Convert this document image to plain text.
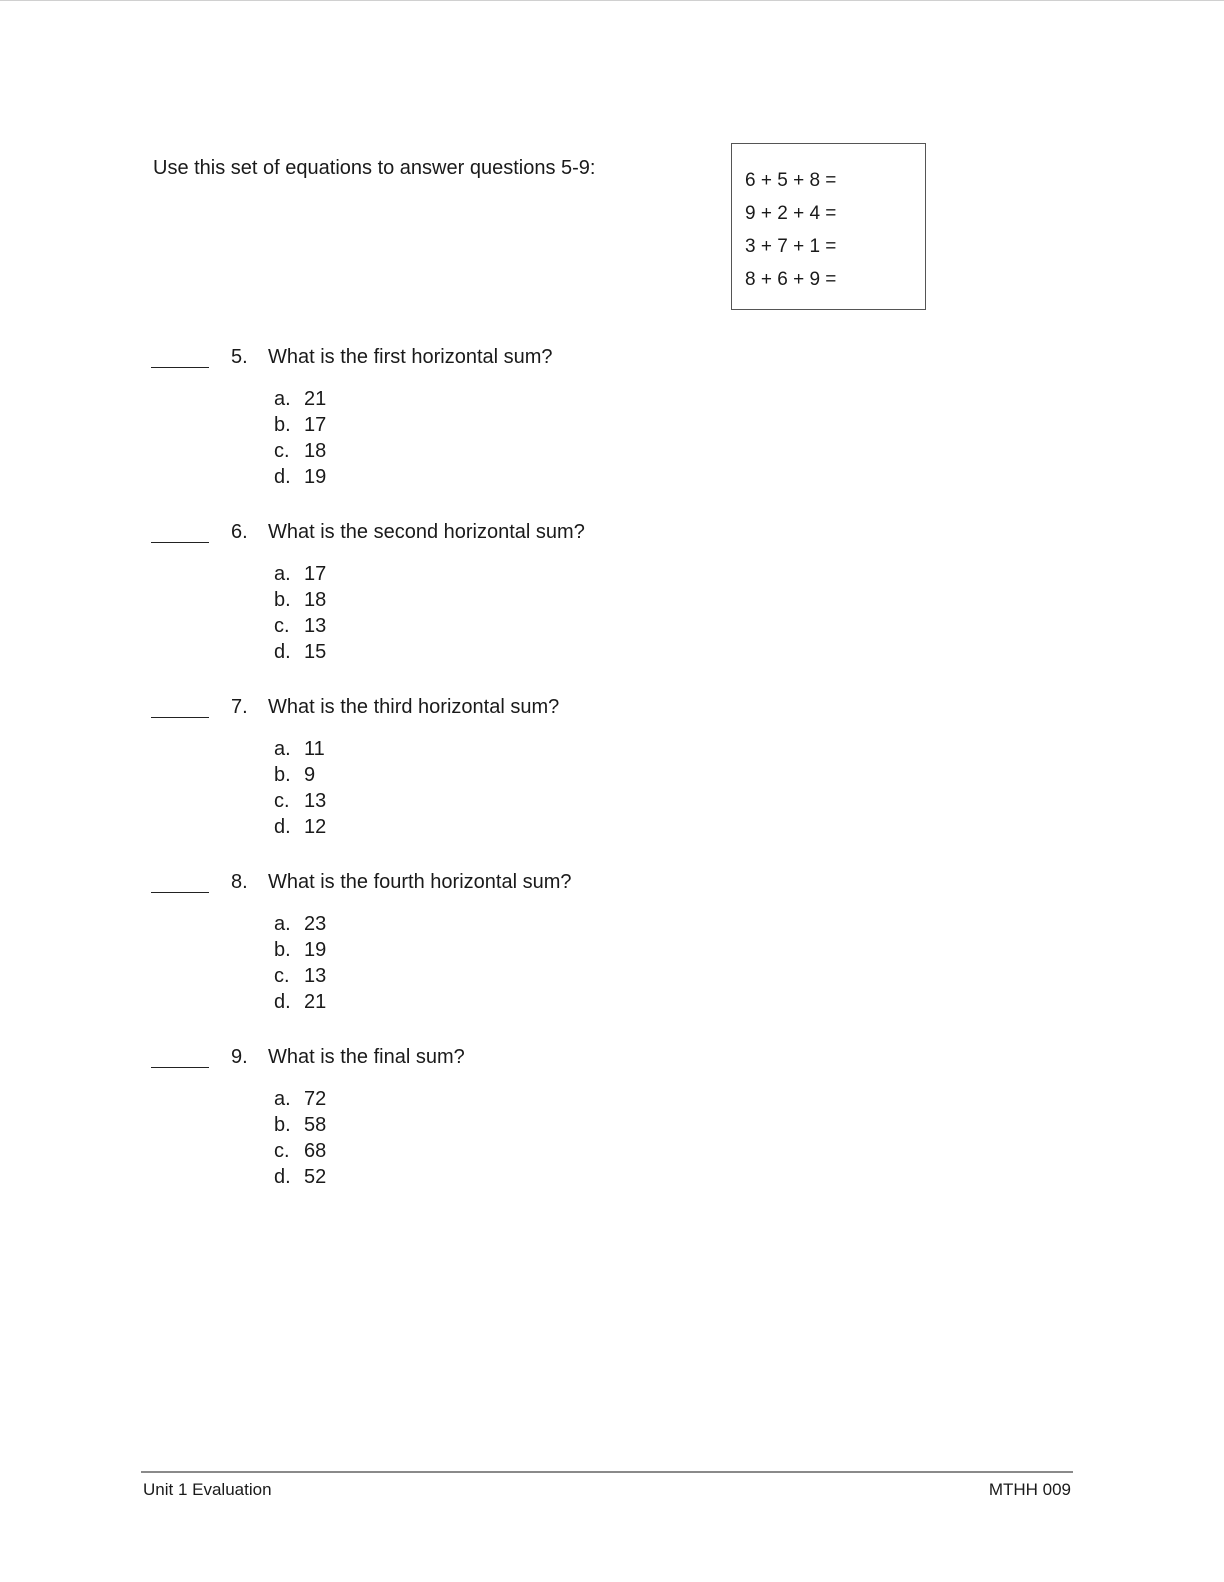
Use this set of equations to answer questions 5-9:
6 + 5 + 8 =
9 + 2 + 4 =
3 + 7 + 1 =
8 + 6 + 9 =
5. What is the first horizontal sum?
a. 21
b. 17
c. 18
d. 19
6. What is the second horizontal sum?
a. 17
b. 18
c. 13
d. 15
7. What is the third horizontal sum?
a. 11
b. 9
c. 13
d. 12
8. What is the fourth horizontal sum?
a. 23
b. 19
c. 13
d. 21
9. What is the final sum?
a. 72
b. 58
c. 68
d. 52
Unit 1 Evaluation	MTHH 009
